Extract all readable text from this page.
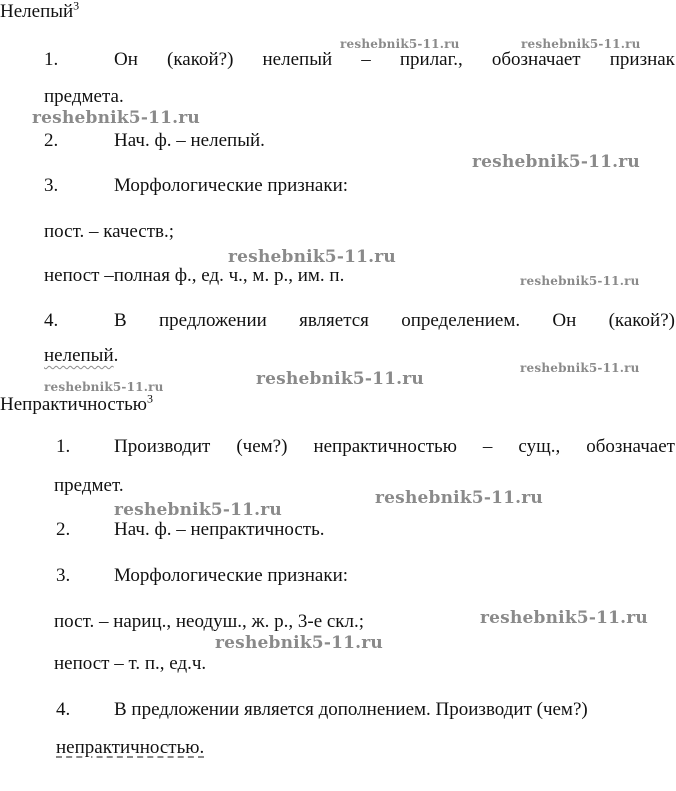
Нелепый$^3$
1.	Он (какой?) нелепый – прилаг., обозначает признак
предмета.
2.	Нач. ф. – нелепый.
3.	Морфологические признаки:
пост. – качеств.;
непост –полная ф., ед. ч., м. р., им. п.
4.	В предложении является определением. Он (какой?)
нелепый.
Непрактичностью$^3$
1. Производит (чем?) непрактичностью – сущ., обозначает
предмет.
2. Нач. ф. – непрактичность.
3. Морфологические признаки:
пост. – нариц., неодуш., ж. р., 3-е скл.;
непост – т. п., ед.ч.
4. В предложении является дополнением. Производит (чем?)
непрактичностью.
reshebnik5-11.ru	reshebnik5-11.ru
reshebnik5-11.ru
reshebnik5-11.ru
reshebnik5-11.ru
reshebnik5-11.ru
reshebnik5-11.ru
reshebnik5-11.ru
reshebnik5-11.ru
reshebnik5-11.ru
reshebnik5-11.ru
reshebnik5-11.ru
reshebnik5-11.ru
